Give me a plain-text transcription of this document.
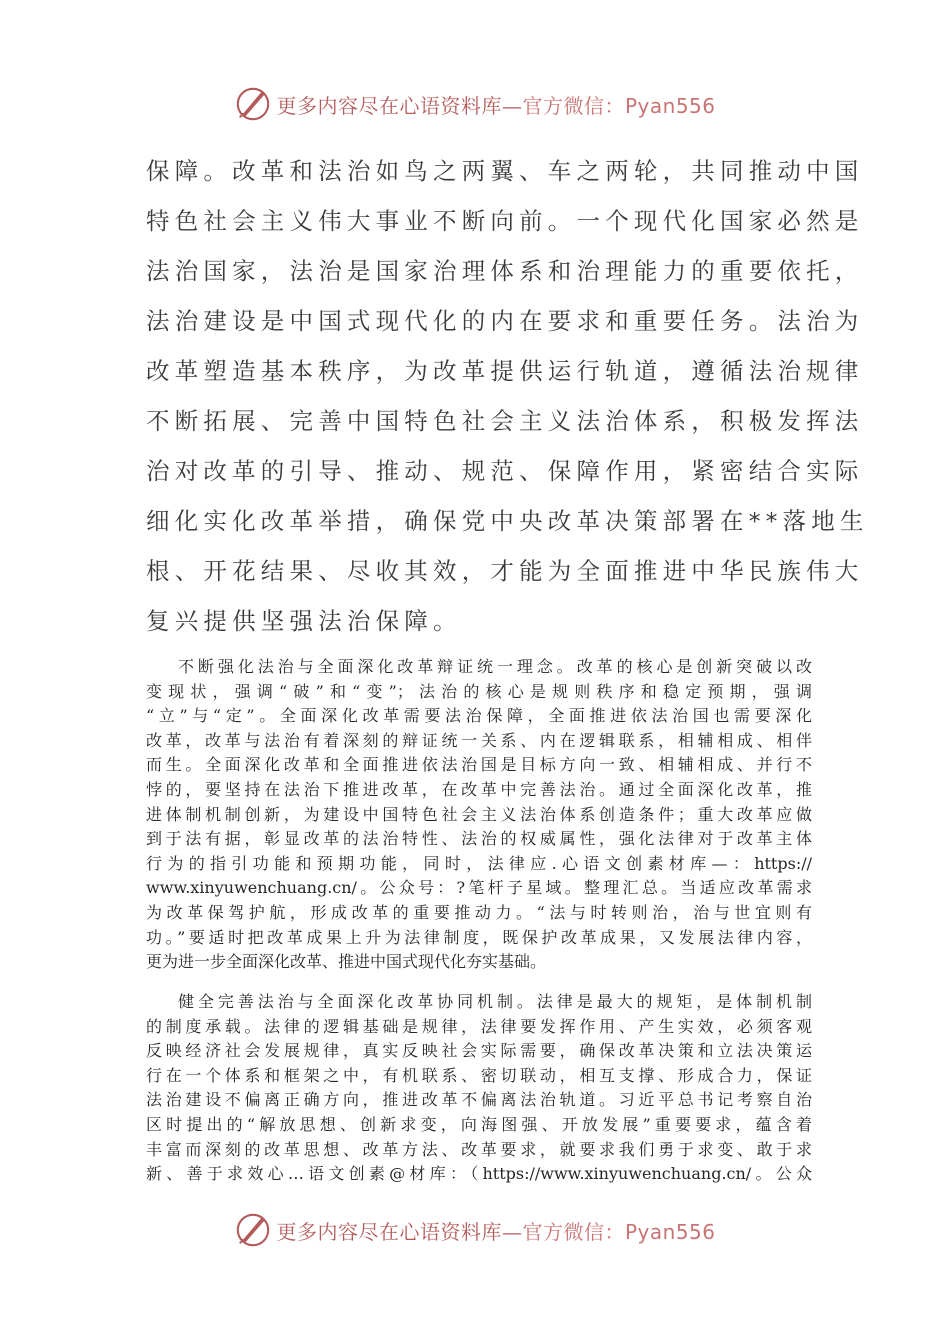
更多内容尽在心语资料库—官方微信：Pyan556
保障。改革和法治如鸟之两翼、车之两轮，共同推动中国
特色社会主义伟大事业不断向前。一个现代化国家必然是
法治国家，法治是国家治理体系和治理能力的重要依托，
法治建设是中国式现代化的内在要求和重要任务。法治为
改革塑造基本秩序，为改革提供运行轨道，遵循法治规律
不断拓展、完善中国特色社会主义法治体系，积极发挥法
治对改革的引导、推动、规范、保障作用，紧密结合实际
细化实化改革举措，确保党中央改革决策部署在**落地生
根、开花结果、尽收其效，才能为全面推进中华民族伟大
复兴提供坚强法治保障。
不断强化法治与全面深化改革辩证统一理念。改革的核心是创新突破以改
变现状，强调“破”和“变”；法治的核心是规则秩序和稳定预期，强调
“立”与“定”。全面深化改革需要法治保障，全面推进依法治国也需要深化
改革，改革与法治有着深刻的辩证统一关系、内在逻辑联系，相辅相成、相伴
而生。全面深化改革和全面推进依法治国是目标方向一致、相辅相成、并行不
悖的，要坚持在法治下推进改革，在改革中完善法治。通过全面深化改革，推
进体制机制创新，为建设中国特色社会主义法治体系创造条件；重大改革应做
到于法有据，彰显改革的法治特性、法治的权威属性，强化法律对于改革主体
行为的指引功能和预期功能，同时，法律应.心语文创素材库—：https://
www.xinyuwenchuang.cn/。公众号：?笔杆子星域。整理汇总。当适应改革需求
为改革保驾护航，形成改革的重要推动力。“法与时转则治，治与世宜则有
功。”要适时把改革成果上升为法律制度，既保护改革成果，又发展法律内容，
更为进一步全面深化改革、推进中国式现代化夯实基础。
健全完善法治与全面深化改革协同机制。法律是最大的规矩，是体制机制
的制度承载。法律的逻辑基础是规律，法律要发挥作用、产生实效，必须客观
反映经济社会发展规律，真实反映社会实际需要，确保改革决策和立法决策运
行在一个体系和框架之中，有机联系、密切联动，相互支撑、形成合力，保证
法治建设不偏离正确方向，推进改革不偏离法治轨道。习近平总书记考察自治
区时提出的“解放思想、创新求变，向海图强、开放发展”重要要求，蕴含着
丰富而深刻的改革思想、改革方法、改革要求，就要求我们勇于求变、敢于求
新、善于求效心…语文创素@材库：（https://www.xinyuwenchuang.cn/。公众
更多内容尽在心语资料库—官方微信：Pyan556
